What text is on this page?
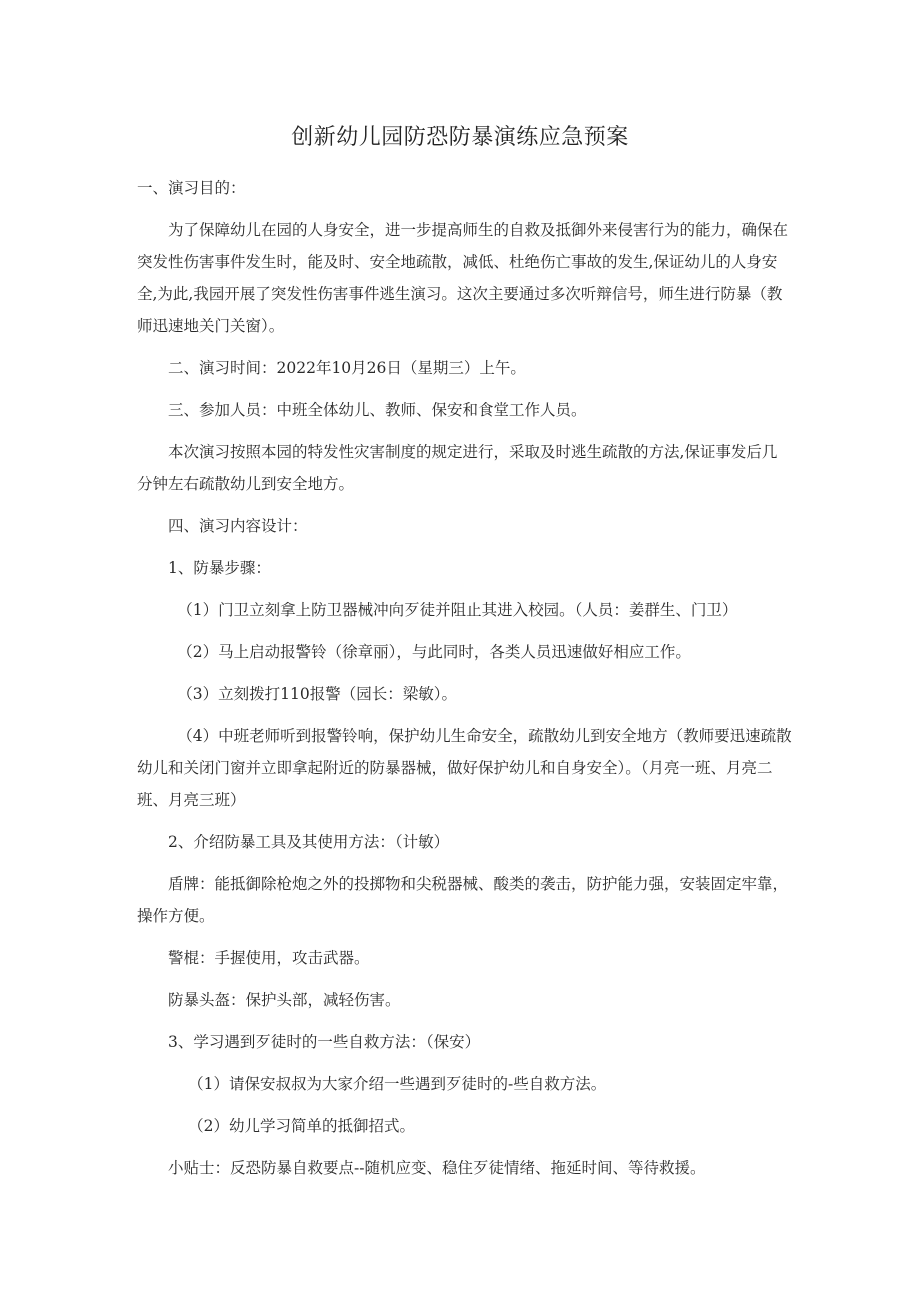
创新幼儿园防恐防暴演练应急预案

一、演习目的：

为了保障幼儿在园的人身安全，进一步提高师生的自救及抵御外来侵害行为的能力，确保在突发性伤害事件发生时，能及时、安全地疏散，减低、杜绝伤亡事故的发生,保证幼儿的人身安全,为此,我园开展了突发性伤害事件逃生演习。这次主要通过多次听辩信号，师生进行防暴（教师迅速地关门关窗）。

二、演习时间：2022年10月26日（星期三）上午。

三、参加人员：中班全体幼儿、教师、保安和食堂工作人员。

本次演习按照本园的特发性灾害制度的规定进行，采取及时逃生疏散的方法,保证事发后几分钟左右疏散幼儿到安全地方。

四、演习内容设计：

1、防暴步骤：

（1）门卫立刻拿上防卫器械冲向歹徒并阻止其进入校园。（人员：姜群生、门卫）

（2）马上启动报警铃（徐章丽），与此同时，各类人员迅速做好相应工作。

（3）立刻拨打110报警（园长：梁敏）。

（4）中班老师听到报警铃响，保护幼儿生命安全，疏散幼儿到安全地方（教师要迅速疏散幼儿和关闭门窗并立即拿起附近的防暴器械，做好保护幼儿和自身安全）。（月亮一班、月亮二班、月亮三班）

2、介绍防暴工具及其使用方法：（计敏）

盾牌：能抵御除枪炮之外的投掷物和尖税器械、酸类的袭击，防护能力强，安装固定牢靠，操作方便。

警棍：手握使用，攻击武器。

防暴头盔：保护头部，减轻伤害。

3、学习遇到歹徒时的一些自救方法：（保安）

（1）请保安叔叔为大家介绍一些遇到歹徒时的-些自救方法。

（2）幼儿学习简单的抵御招式。

小贴士：反恐防暴自救要点--随机应变、稳住歹徒情绪、拖延时间、等待救援。
